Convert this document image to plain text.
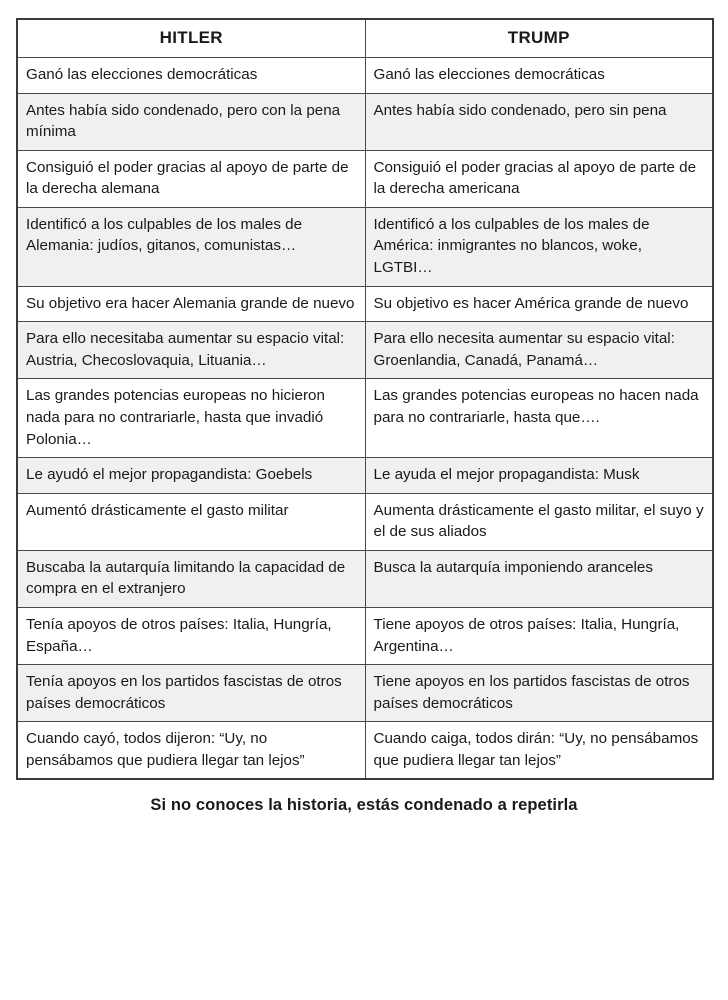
HITLER	TRUMP
Ganó las elecciones democráticas	Ganó las elecciones democráticas
Antes había sido condenado, pero con la pena mínima	Antes había sido condenado, pero sin pena
Consiguió el poder gracias al apoyo de parte de la derecha alemana	Consiguió el poder gracias al apoyo de parte de la derecha americana
Identificó a los culpables de los males de Alemania: judíos, gitanos, comunistas…	Identificó a los culpables de los males de América: inmigrantes no blancos, woke, LGTBI…
Su objetivo era hacer Alemania grande de nuevo	Su objetivo es hacer América grande de nuevo
Para ello necesitaba aumentar su espacio vital: Austria, Checoslovaquia, Lituania…	Para ello necesita aumentar su espacio vital: Groenlandia, Canadá, Panamá…
Las grandes potencias europeas no hicieron nada para no contrariarle, hasta que invadió Polonia…	Las grandes potencias europeas no hacen nada para no contrariarle, hasta que….
Le ayudó el mejor propagandista: Goebels	Le ayuda el mejor propagandista: Musk
Aumentó drásticamente el gasto militar	Aumenta drásticamente el gasto militar, el suyo y el de sus aliados
Buscaba la autarquía limitando la capacidad de compra en el extranjero	Busca la autarquía imponiendo aranceles
Tenía apoyos de otros países: Italia, Hungría, España…	Tiene apoyos de otros países: Italia, Hungría, Argentina…
Tenía apoyos en los partidos fascistas de otros países democráticos	Tiene apoyos en los partidos fascistas de otros países democráticos
Cuando cayó, todos dijeron: “Uy, no pensábamos que pudiera llegar tan lejos”	Cuando caiga, todos dirán: “Uy, no pensábamos que pudiera llegar tan lejos”
Si no conoces la historia, estás condenado a repetirla
